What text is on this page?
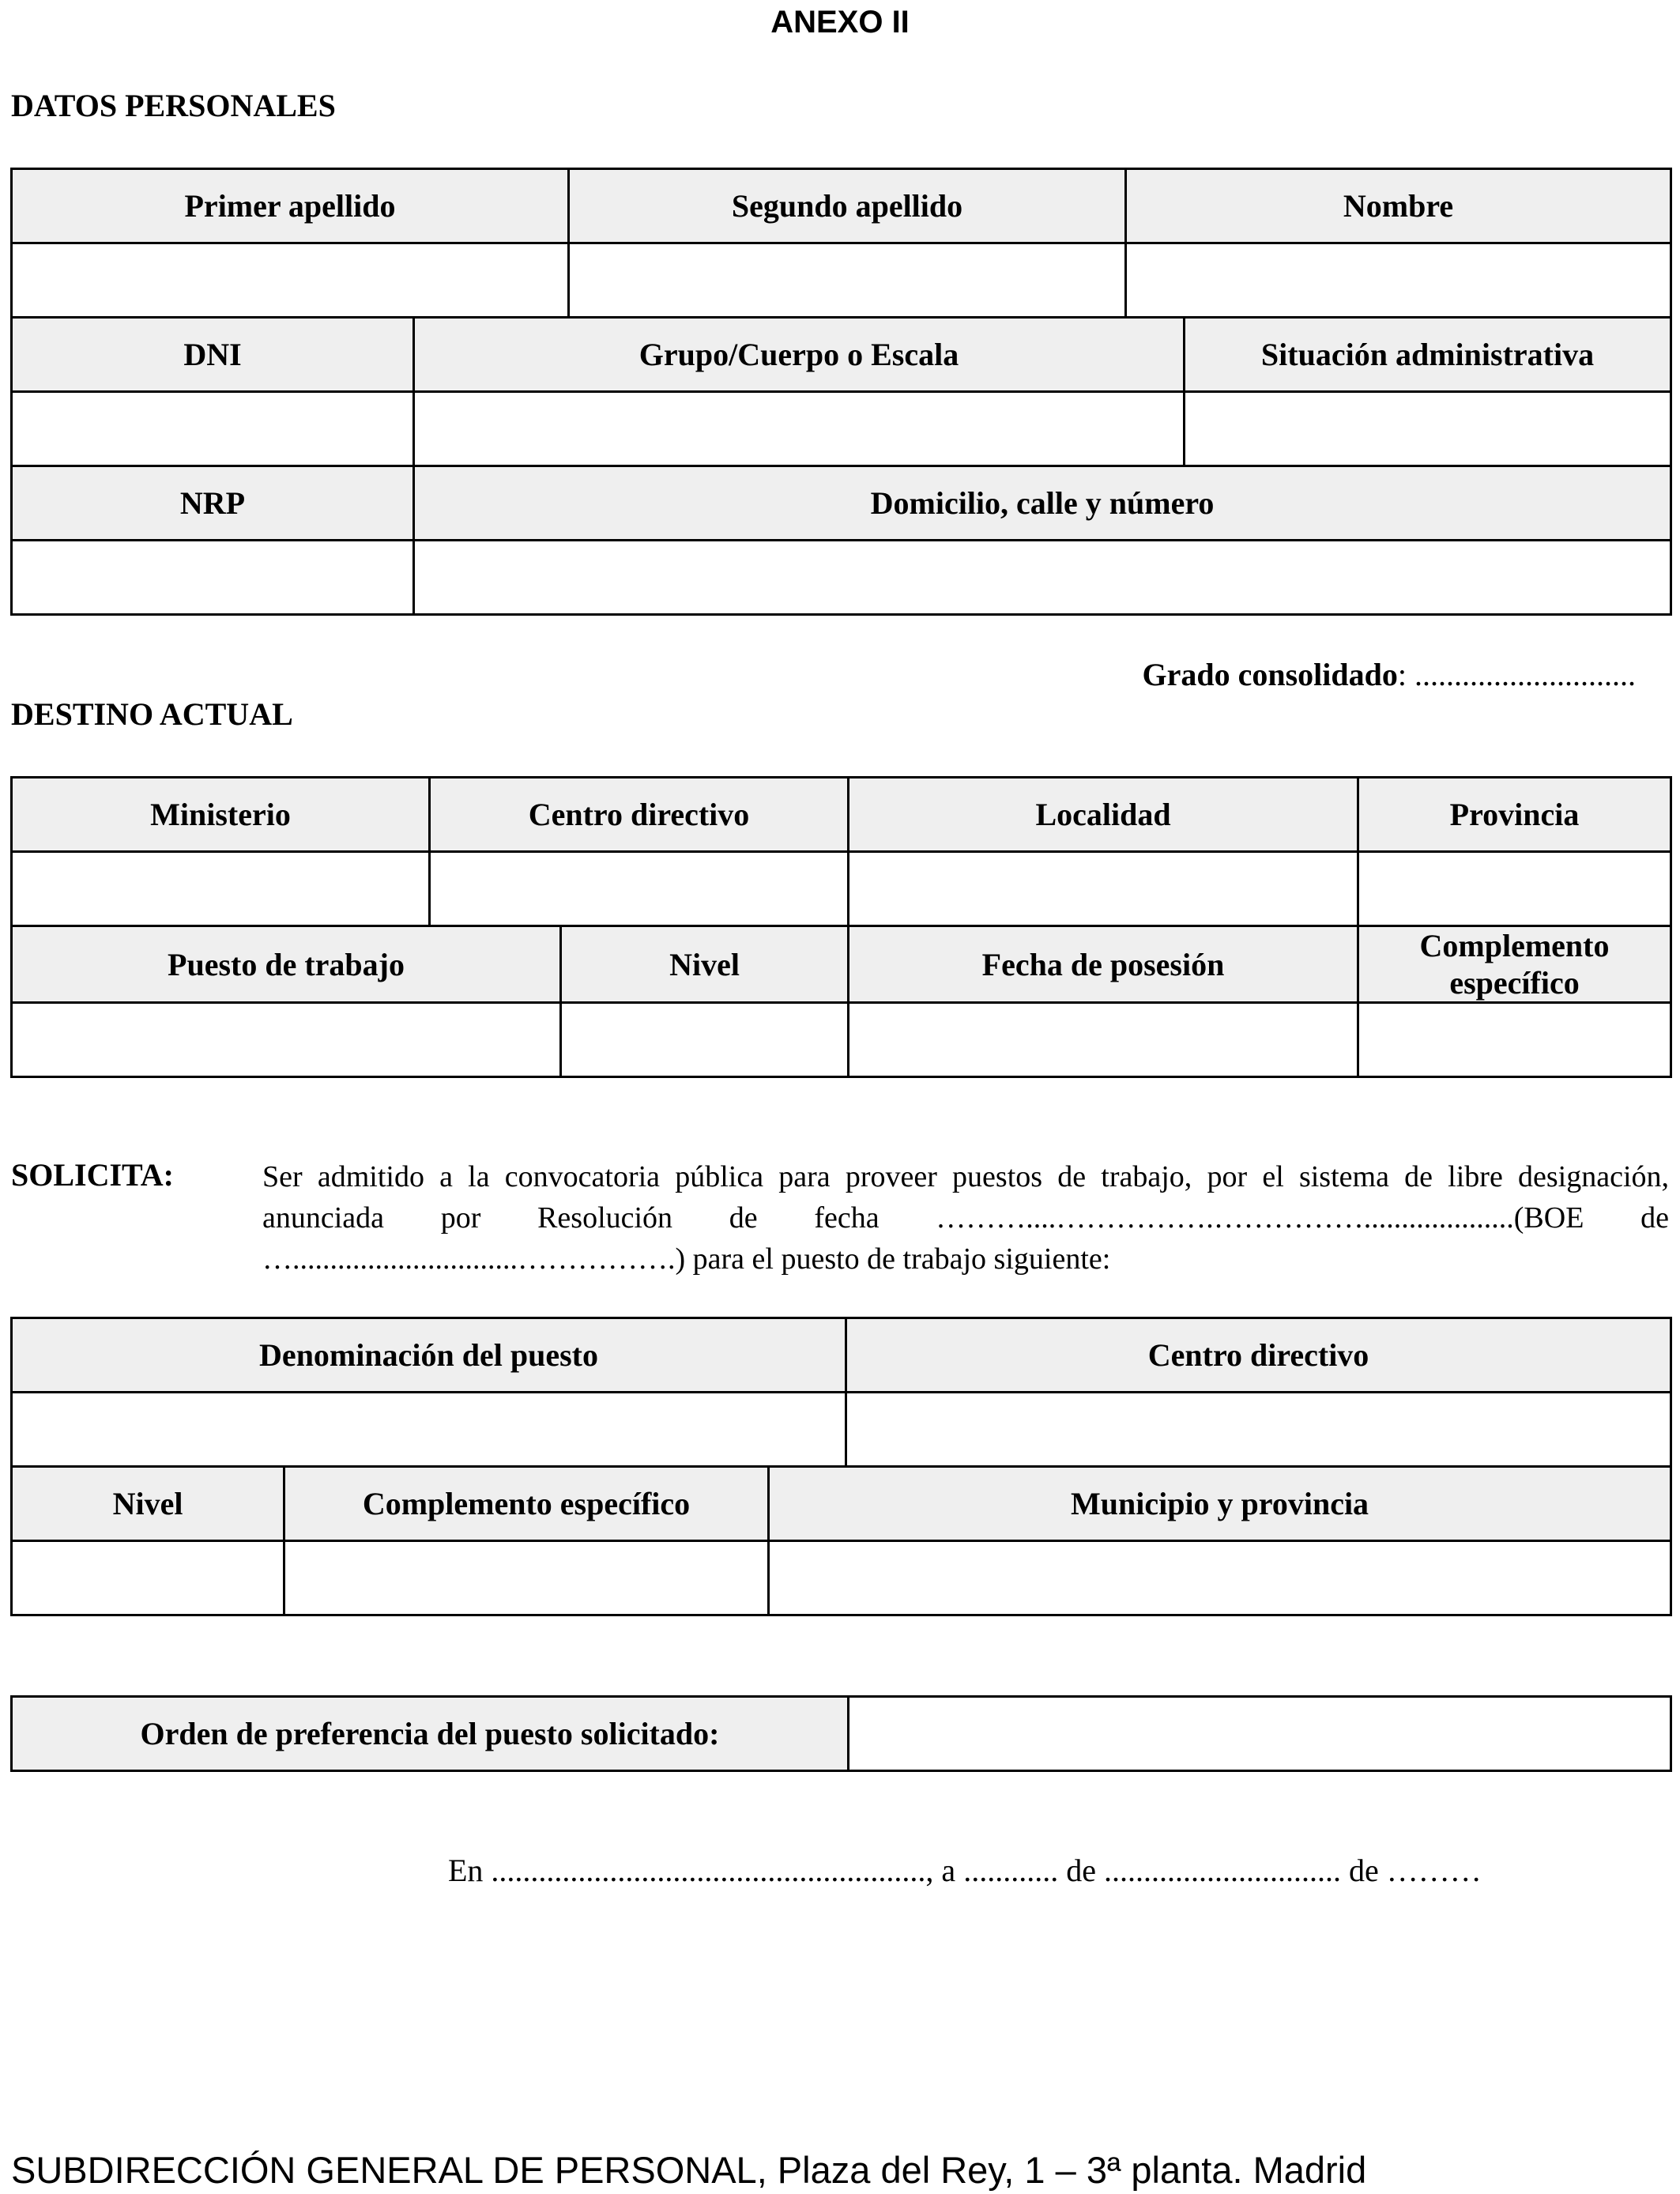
ANEXO II
DATOS PERSONALES
Primer apellido	Segundo apellido	Nombre

DNI	Grupo/Cuerpo o Escala	Situación administrativa

NRP	Domicilio, calle y número	

Grado consolidado: ............................
DESTINO ACTUAL
Ministerio	Centro directivo		Localidad	Provincia

Puesto de trabajo		Nivel	Fecha de posesión	Complemento específico

SOLICITA:	Ser admitido a la convocatoria pública para proveer puestos de trabajo, por el sistema de libre designación, anunciada por Resolución de fecha ………....…………….……………....................(BOE de …..............................…………….) para el puesto de trabajo siguiente:
Denominación del puesto			Centro directivo

Nivel	Complemento específico	Municipio y provincia	

Orden de preferencia del puesto solicitado:	
En ......................................................., a ............ de .............................. de ………
SUBDIRECCIÓN GENERAL DE PERSONAL, Plaza del Rey, 1 – 3ª planta. Madrid
